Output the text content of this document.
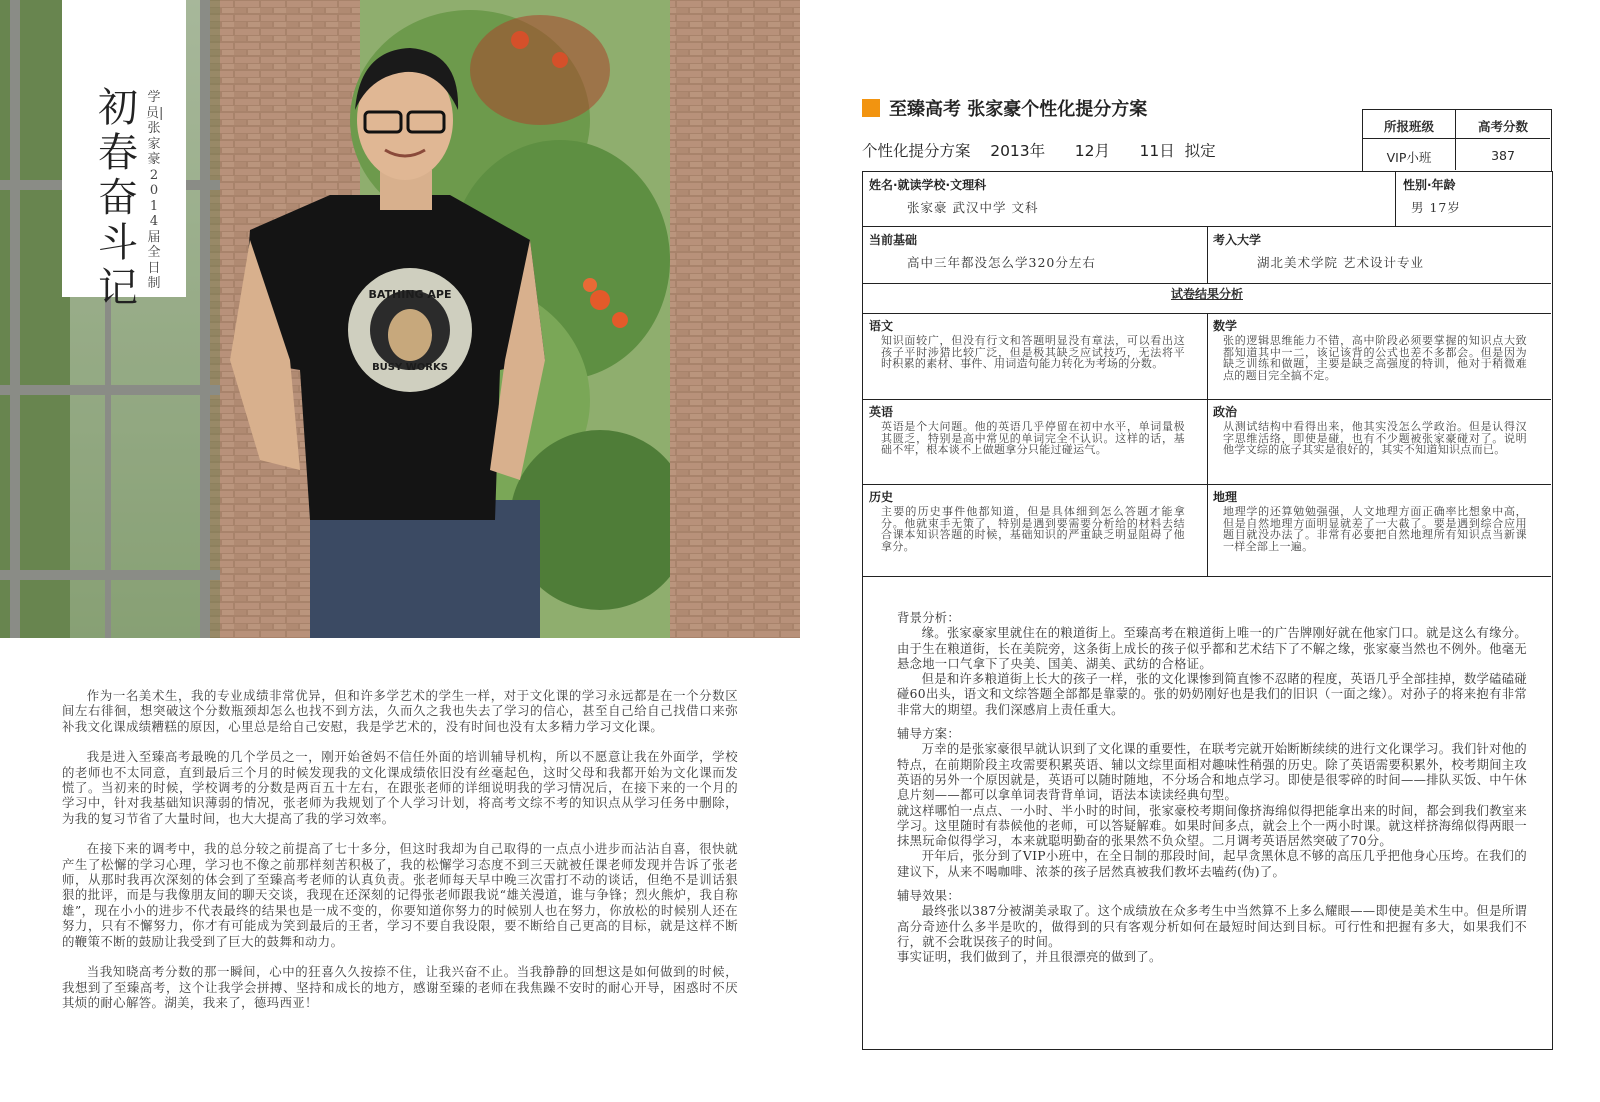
BATHING APE
BUSY WORKS
初
春
奋
斗
记
学员|张家豪 2014届全日制

作为一名美术生，我的专业成绩非常优异，但和许多学艺术的学生一样，对于文化课的学习永远都是在一个分数区间左右徘徊，想突破这个分数瓶颈却怎么也找不到方法，久而久之我也失去了学习的信心，甚至自己给自己找借口来弥补我文化课成绩糟糕的原因，心里总是给自己安慰，我是学艺术的，没有时间也没有太多精力学习文化课。

我是进入至臻高考最晚的几个学员之一，刚开始爸妈不信任外面的培训辅导机构，所以不愿意让我在外面学，学校的老师也不太同意，直到最后三个月的时候发现我的文化课成绩依旧没有丝毫起色，这时父母和我都开始为文化课而发慌了。当初来的时候，学校调考的分数是两百五十左右，在跟张老师的详细说明我的学习情况后，在接下来的一个月的学习中，针对我基础知识薄弱的情况，张老师为我规划了个人学习计划，将高考文综不考的知识点从学习任务中删除，为我的复习节省了大量时间，也大大提高了我的学习效率。

在接下来的调考中，我的总分较之前提高了七十多分，但这时我却为自己取得的一点点小进步而沾沾自喜，很快就产生了松懈的学习心理，学习也不像之前那样刻苦积极了，我的松懈学习态度不到三天就被任课老师发现并告诉了张老师，从那时我再次深刻的体会到了至臻高考老师的认真负责。张老师每天早中晚三次雷打不动的谈话，但绝不是训话狠狠的批评，而是与我像朋友间的聊天交谈，我现在还深刻的记得张老师跟我说“雄关漫道，谁与争锋；烈火熊炉，我自称雄”，现在小小的进步不代表最终的结果也是一成不变的，你要知道你努力的时候别人也在努力，你放松的时候别人还在努力，只有不懈努力，你才有可能成为笑到最后的王者，学习不要自我设限，要不断给自己更高的目标，就是这样不断的鞭策不断的鼓励让我受到了巨大的鼓舞和动力。

当我知晓高考分数的那一瞬间，心中的狂喜久久按捺不住，让我兴奋不止。当我静静的回想这是如何做到的时候，我想到了至臻高考，这个让我学会拼搏、坚持和成长的地方，感谢至臻的老师在我焦躁不安时的耐心开导，困惑时不厌其烦的耐心解答。湖美，我来了，德玛西亚！

至臻高考 张家豪个性化提分方案
个性化提分方案    2013年      12月      11日  拟定
所报班级	高考分数
VIP小班	387
姓名·就读学校·文理科
张家豪 武汉中学 文科
性别·年龄
男 17岁
当前基础
高中三年都没怎么学320分左右
考入大学
湖北美术学院 艺术设计专业
试卷结果分析
语文
知识面较广，但没有行文和答题明显没有章法，可以看出这孩子平时涉猎比较广泛，但是极其缺乏应试技巧，无法将平时积累的素材、事件、用词造句能力转化为考场的分数。
数学
张的逻辑思维能力不错，高中阶段必须要掌握的知识点大致都知道其中一二，该记该背的公式也差不多都会。但是因为缺乏训练和做题，主要是缺乏高强度的特训，他对于稍微难点的题目完全搞不定。
英语
英语是个大问题。他的英语几乎停留在初中水平，单词量极其匮乏，特别是高中常见的单词完全不认识。这样的话，基础不牢，根本谈不上做题拿分只能过碰运气。
政治
从测试结构中看得出来，他其实没怎么学政治。但是认得汉字思维活络，即使是碰，也有不少题被张家豪碰对了。说明他学文综的底子其实是很好的，其实不知道知识点而已。
历史
主要的历史事件他都知道，但是具体细到怎么答题才能拿分。他就束手无策了，特别是遇到要需要分析给的材料去结合课本知识答题的时候，基础知识的严重缺乏明显阻碍了他拿分。
地理
地理学的还算勉勉强强，人文地理方面正确率比想象中高，但是自然地理方面明显就差了一大截了。要是遇到综合应用题目就没办法了。非常有必要把自然地理所有知识点当新课一样全部上一遍。
背景分析：
缘。张家豪家里就住在的粮道街上。至臻高考在粮道街上唯一的广告牌刚好就在他家门口。就是这么有缘分。由于生在粮道街，长在美院旁，这条街上成长的孩子似乎都和艺术结下了不解之缘，张家豪当然也不例外。他毫无悬念地一口气拿下了央美、国美、湖美、武纺的合格证。
但是和许多粮道街上长大的孩子一样，张的文化课惨到简直惨不忍睹的程度，英语几乎全部挂掉，数学磕磕碰碰60出头，语文和文综答题全部都是靠蒙的。张的奶奶刚好也是我们的旧识（一面之缘）。对孙子的将来抱有非常非常大的期望。我们深感肩上责任重大。
辅导方案：
万幸的是张家豪很早就认识到了文化课的重要性，在联考完就开始断断续续的进行文化课学习。我们针对他的特点，在前期阶段主攻需要积累英语、辅以文综里面相对趣味性稍强的历史。除了英语需要积累外，校考期间主攻英语的另外一个原因就是，英语可以随时随地，不分场合和地点学习。即使是很零碎的时间——排队买饭、中午休息片刻——都可以拿单词表背背单词，语法本读读经典句型。
就这样哪怕一点点、一小时、半小时的时间，张家豪校考期间像挤海绵似得把能拿出来的时间，都会到我们教室来学习。这里随时有恭候他的老师，可以答疑解难。如果时间多点，就会上个一两小时课。就这样挤海绵似得两眼一抹黑玩命似得学习，本来就聪明勤奋的张果然不负众望。二月调考英语居然突破了70分。
开年后，张分到了VIP小班中，在全日制的那段时间，起早贪黑休息不够的高压几乎把他身心压垮。在我们的建议下，从来不喝咖啡、浓茶的孩子居然真被我们教坏去嗑药(伪)了。
辅导效果：
最终张以387分被湖美录取了。这个成绩放在众多考生中当然算不上多么耀眼——即使是美术生中。但是所谓高分奇迹什么多半是吹的，做得到的只有客观分析如何在最短时间达到目标。可行性和把握有多大，如果我们不行，就不会耽误孩子的时间。
事实证明，我们做到了，并且很漂亮的做到了。
